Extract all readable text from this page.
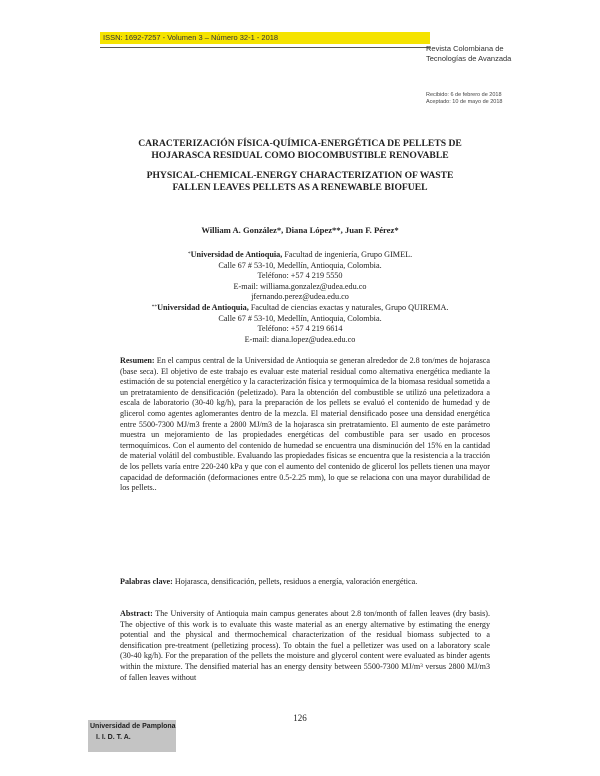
ISSN: 1692-7257 - Volumen 3 – Número 32-1 - 2018
Revista Colombiana de
Tecnologías de Avanzada
Recibido: 6 de febrero de 2018
Aceptado: 10 de mayo de 2018
CARACTERIZACIÓN FÍSICA-QUÍMICA-ENERGÉTICA DE PELLETS DE
HOJARASCA RESIDUAL COMO BIOCOMBUSTIBLE RENOVABLE
PHYSICAL-CHEMICAL-ENERGY CHARACTERIZATION OF WASTE
FALLEN LEAVES PELLETS AS A RENEWABLE BIOFUEL
William A. González*, Diana López**, Juan F. Pérez*
*Universidad de Antioquia, Facultad de ingeniería, Grupo GIMEL.
Calle 67 # 53-10, Medellín, Antioquia, Colombia.
Teléfono: +57 4 219 5550
E-mail: williama.gonzalez@udea.edu.co
jfernando.perez@udea.edu.co
**Universidad de Antioquia, Facultad de ciencias exactas y naturales, Grupo QUIREMA.
Calle 67 # 53-10, Medellín, Antioquia, Colombia.
Teléfono: +57 4 219 6614
E-mail: diana.lopez@udea.edu.co
Resumen: En el campus central de la Universidad de Antioquia se generan alrededor de 2.8 ton/mes de hojarasca (base seca). El objetivo de este trabajo es evaluar este material residual como alternativa energética mediante la estimación de su potencial energético y la caracterización física y termoquímica de la biomasa residual sometida a un pretratamiento de densificación (peletizado). Para la obtención del combustible se utilizó una peletizadora a escala de laboratorio (30-40 kg/h), para la preparación de los pellets se evaluó el contenido de humedad y de glicerol como agentes aglomerantes dentro de la mezcla. El material densificado posee una densidad energética entre 5500-7300 MJ/m3 frente a 2800 MJ/m3 de la hojarasca sin pretratamiento. El aumento de este parámetro muestra un mejoramiento de las propiedades energéticas del combustible para ser usado en procesos termoquímicos. Con el aumento del contenido de humedad se encuentra una disminución del 15% en la cantidad de material volátil del combustible. Evaluando las propiedades físicas se encuentra que la resistencia a la tracción de los pellets varía entre 220-240 kPa y que con el aumento del contenido de glicerol los pellets tienen una mayor capacidad de deformación (deformaciones entre 0.5-2.25 mm), lo que se relaciona con una mayor durabilidad de los pellets..
Palabras clave: Hojarasca, densificación, pellets, residuos a energía, valoración energética.
Abstract: The University of Antioquia main campus generates about 2.8 ton/month of fallen leaves (dry basis). The objective of this work is to evaluate this waste material as an energy alternative by estimating the energy potential and the physical and thermochemical characterization of the residual biomass subjected to a densification pre-treatment (pelletizing process). To obtain the fuel a pelletizer was used on a laboratory scale (30-40 kg/h). For the preparation of the pellets the moisture and glycerol content were evaluated as binder agents within the mixture. The densified material has an energy density between 5500-7300 $MJ/m^3$ versus 2800 MJ/m3 of fallen leaves without
126
Universidad de Pamplona
I. I. D. T. A.
